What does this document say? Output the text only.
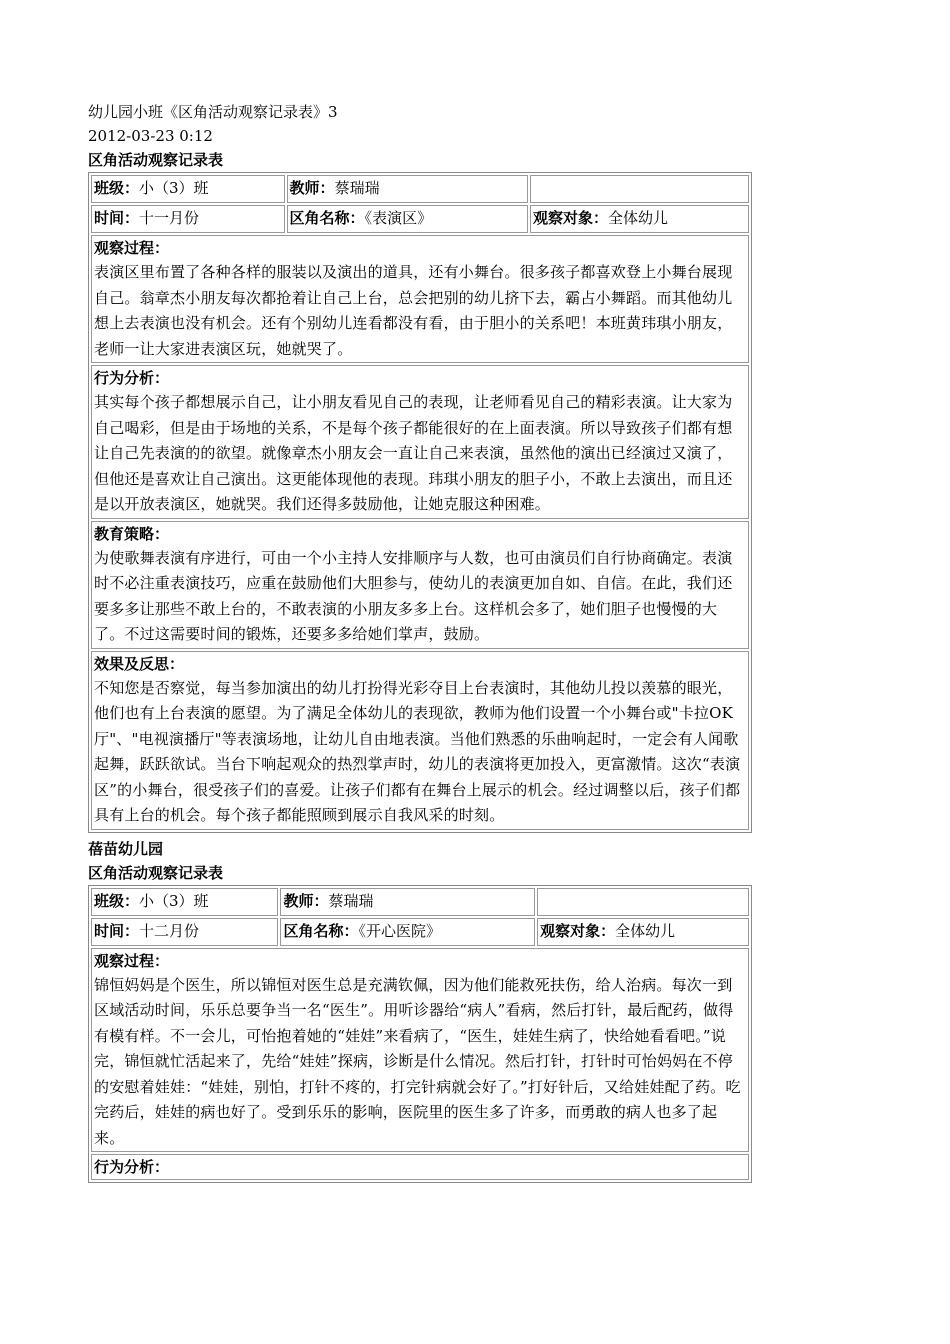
幼儿园小班《区角活动观察记录表》3
2012-03-23 0:12
区角活动观察记录表
班级：小（3）班	教师：蔡瑞瑞	
时间：十一月份	区角名称：《表演区》	观察对象：全体幼儿

观察过程：
表演区里布置了各种各样的服装以及演出的道具，还有小舞台。很多孩子都喜欢登上小舞台展现自己。翁章杰小朋友每次都抢着让自己上台，总会把别的幼儿挤下去，霸占小舞蹈。而其他幼儿想上去表演也没有机会。还有个别幼儿连看都没有看，由于胆小的关系吧！本班黄玮琪小朋友，老师一让大家进表演区玩，她就哭了。		

行为分析：
其实每个孩子都想展示自己，让小朋友看见自己的表现，让老师看见自己的精彩表演。让大家为自己喝彩，但是由于场地的关系，不是每个孩子都能很好的在上面表演。所以导致孩子们都有想让自己先表演的的欲望。就像章杰小朋友会一直让自己来表演，虽然他的演出已经演过又演了，但他还是喜欢让自己演出。这更能体现他的表现。玮琪小朋友的胆子小，不敢上去演出，而且还是以开放表演区，她就哭。我们还得多鼓励他，让她克服这种困难。		

教育策略：
为使歌舞表演有序进行，可由一个小主持人安排顺序与人数，也可由演员们自行协商确定。表演时不必注重表演技巧，应重在鼓励他们大胆参与，使幼儿的表演更加自如、自信。在此，我们还要多多让那些不敢上台的，不敢表演的小朋友多多上台。这样机会多了，她们胆子也慢慢的大了。不过这需要时间的锻炼，还要多多给她们掌声，鼓励。		

效果及反思：
不知您是否察觉，每当参加演出的幼儿打扮得光彩夺目上台表演时，其他幼儿投以羡慕的眼光，他们也有上台表演的愿望。为了满足全体幼儿的表现欲，教师为他们设置一个小舞台或"卡拉OK厅"、"电视演播厅"等表演场地，让幼儿自由地表演。当他们熟悉的乐曲响起时，一定会有人闻歌起舞，跃跃欲试。当台下响起观众的热烈掌声时，幼儿的表演将更加投入，更富激情。这次“表演区”的小舞台，很受孩子们的喜爱。让孩子们都有在舞台上展示的机会。经过调整以后，孩子们都具有上台的机会。每个孩子都能照顾到展示自我风采的时刻。		
蓓苗幼儿园
区角活动观察记录表
班级：小（3）班	教师：蔡瑞瑞	
时间：十二月份	区角名称：《开心医院》	观察对象：全体幼儿

观察过程：
锦恒妈妈是个医生，所以锦恒对医生总是充满钦佩，因为他们能救死扶伤，给人治病。每次一到区域活动时间，乐乐总要争当一名“医生”。用听诊器给“病人”看病，然后打针，最后配药，做得有模有样。不一会儿，可怡抱着她的“娃娃”来看病了，“医生，娃娃生病了，快给她看看吧。”说完，锦恒就忙活起来了，先给“娃娃”探病，诊断是什么情况。然后打针，打针时可怡妈妈在不停的安慰着娃娃：“娃娃，别怕，打针不疼的，打完针病就会好了。”打好针后，又给娃娃配了药。吃完药后，娃娃的病也好了。受到乐乐的影响，医院里的医生多了许多，而勇敢的病人也多了起来。		

行为分析：		
